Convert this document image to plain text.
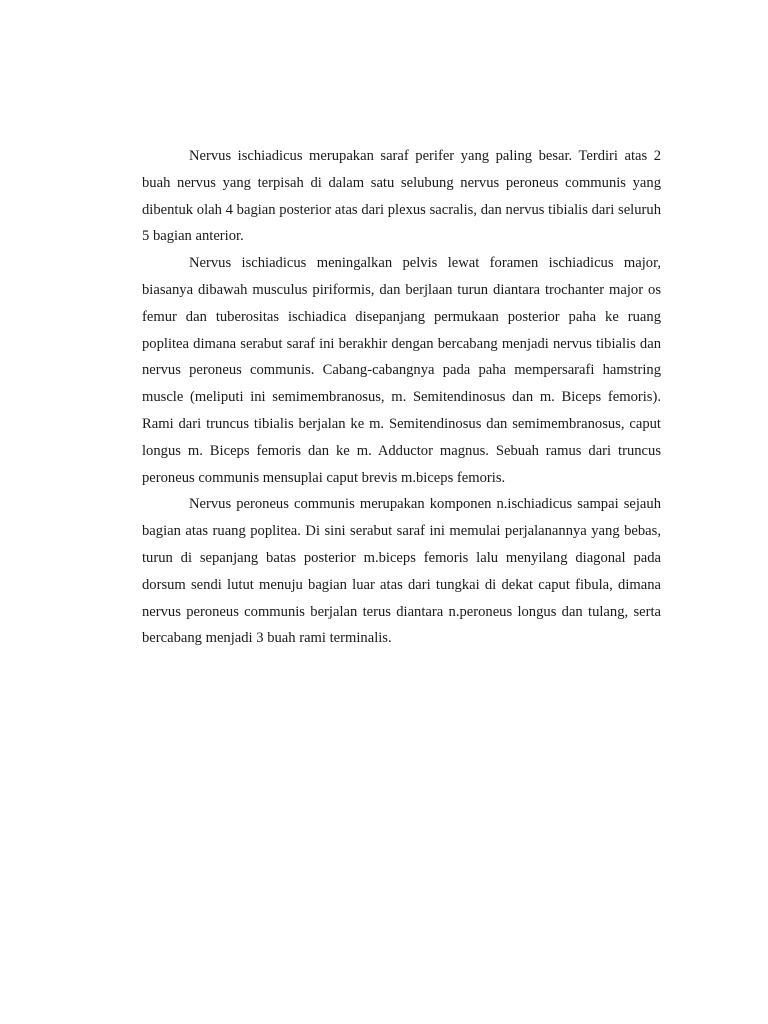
Nervus ischiadicus merupakan saraf perifer yang paling besar. Terdiri atas 2 buah nervus yang terpisah di dalam satu selubung nervus peroneus communis yang dibentuk olah 4 bagian posterior atas dari plexus sacralis, dan nervus tibialis dari seluruh 5 bagian anterior.

Nervus ischiadicus meningalkan pelvis lewat foramen ischiadicus major, biasanya dibawah musculus piriformis, dan berjlaan turun diantara trochanter major os femur dan tuberositas ischiadica disepanjang permukaan posterior paha ke ruang poplitea dimana serabut saraf ini berakhir dengan bercabang menjadi nervus tibialis dan nervus peroneus communis. Cabang-cabangnya pada paha mempersarafi hamstring muscle (meliputi ini semimembranosus, m. Semitendinosus dan m. Biceps femoris). Rami dari truncus tibialis berjalan ke m. Semitendinosus dan semimembranosus, caput longus m. Biceps femoris dan ke m. Adductor magnus. Sebuah ramus dari truncus peroneus communis mensuplai caput brevis m.biceps femoris.

Nervus peroneus communis merupakan komponen n.ischiadicus sampai sejauh bagian atas ruang poplitea. Di sini serabut saraf ini memulai perjalanannya yang bebas, turun di sepanjang batas posterior m.biceps femoris lalu menyilang diagonal pada dorsum sendi lutut menuju bagian luar atas dari tungkai di dekat caput fibula, dimana nervus peroneus communis berjalan terus diantara n.peroneus longus dan tulang, serta bercabang menjadi 3 buah rami terminalis.
